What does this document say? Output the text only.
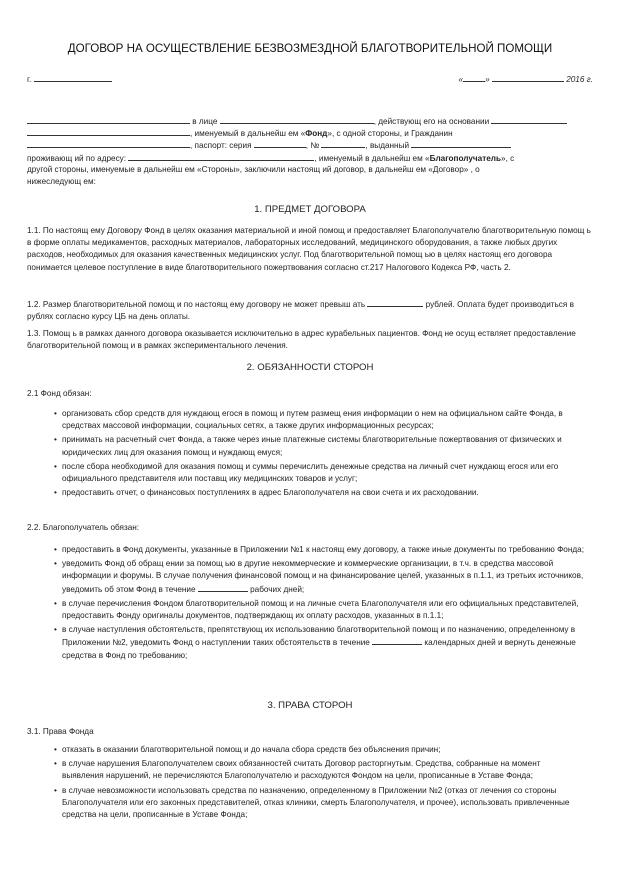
ДОГОВОР НА ОСУЩЕСТВЛЕНИЕ БЕЗВОЗМЕЗДНОЙ БЛАГОТВОРИТЕЛЬНОЙ ПОМОЩИ
г.	«	»	2016 г.
в лице	, действующ его на основании
, именуемый в дальнейш ем «Фонд», с одной стороны, и Гражданин
, паспорт: серия	, №	, выданный
проживающ ий по адресу:	, именуемый в дальнейш ем «Благополучатель», с
другой стороны, именуемые в дальнейш ем «Стороны», заключили настоящ ий договор, в дальнейш ем «Договор» , о
нижеследующ ем:
1. ПРЕДМЕТ ДОГОВОРА

1.1. По настоящ ему Договору Фонд в целях оказания материальной и иной помощ и предоставляет Благополучателю благотворительную помощ ь в форме оплаты медикаментов, расходных материалов, лабораторных исследований, медицинского оборудования, а также любых других расходов, необходимых для оказания качественных медицинских услуг. Под благотворительной помощ ью в целях настоящ его договора понимается целевое поступление в виде благотворительного пожертвования согласно ст.217 Налогового Кодекса РФ, часть 2.

1.2. Размер благотворительной помощ и по настоящ ему договору не может превыш ать	рублей. Оплата будет производиться в рублях согласно курсу ЦБ на день оплаты.

1.3. Помощ ь в рамках данного договора оказывается исключительно в адрес курабельных пациентов. Фонд не осущ ествляет предоставление благотворительной помощ и в рамках экспериментального лечения.

2. ОБЯЗАННОСТИ СТОРОН
2.1 Фонд обязан:
• организовать сбор средств для нуждающ егося в помощ и путем размещ ения информации о нем на официальном сайте Фонда, в средствах массовой информации, социальных сетях, а также других информационных ресурсах;
• принимать на расчетный счет Фонда, а также через иные платежные системы благотворительные пожертвования от физических и юридических лиц для оказания помощ и нуждающ емуся;
• после сбора необходимой для оказания помощ и суммы перечислить денежные средства на личный счет нуждающ егося или его официального представителя или поставщ ику медицинских товаров и услуг;
• предоставить отчет, о финансовых поступлениях в адрес Благополучателя на свои счета и их расходовании.
2.2. Благополучатель обязан:
• предоставить в Фонд документы, указанные в Приложении №1 к настоящ ему договору, а также иные документы по требованию Фонда;
• уведомить Фонд об обращ ении за помощ ью в другие некоммерческие и коммерческие организации, в т.ч. в средства массовой информации и форумы. В случае получения финансовой помощ и на финансирование целей, указанных в п.1.1, из третьих источников, уведомить об этом Фонд в течение	рабочих дней;
• в случае перечисления Фондом благотворительной помощ и на личные счета Благополучателя или его официальных представителей, предоставить Фонду оригиналы документов, подтверждающ их оплату расходов, указанных в п.1.1;
• в случае наступления обстоятельств, препятствующ их использованию благотворительной помощ и по назначению, определенному в Приложении №2, уведомить Фонд о наступлении таких обстоятельств в течение	календарных дней и вернуть денежные средства в Фонд по требованию;
3. ПРАВА СТОРОН
3.1. Права Фонда
• отказать в оказании благотворительной помощ и до начала сбора средств без объяснения причин;
• в случае нарушения Благополучателем своих обязанностей считать Договор расторгнутым. Средства, собранные на момент выявления нарушений, не перечисляются Благополучателю и расходуются Фондом на цели, прописанные в Уставе Фонда;
• в случае невозможности использовать средства по назначению, определенному в Приложении №2 (отказ от лечения со стороны Благополучателя или его законных представителей, отказ клиники, смерть Благополучателя, и прочее), использовать привлеченные средства на цели, прописанные в Уставе Фонда;
